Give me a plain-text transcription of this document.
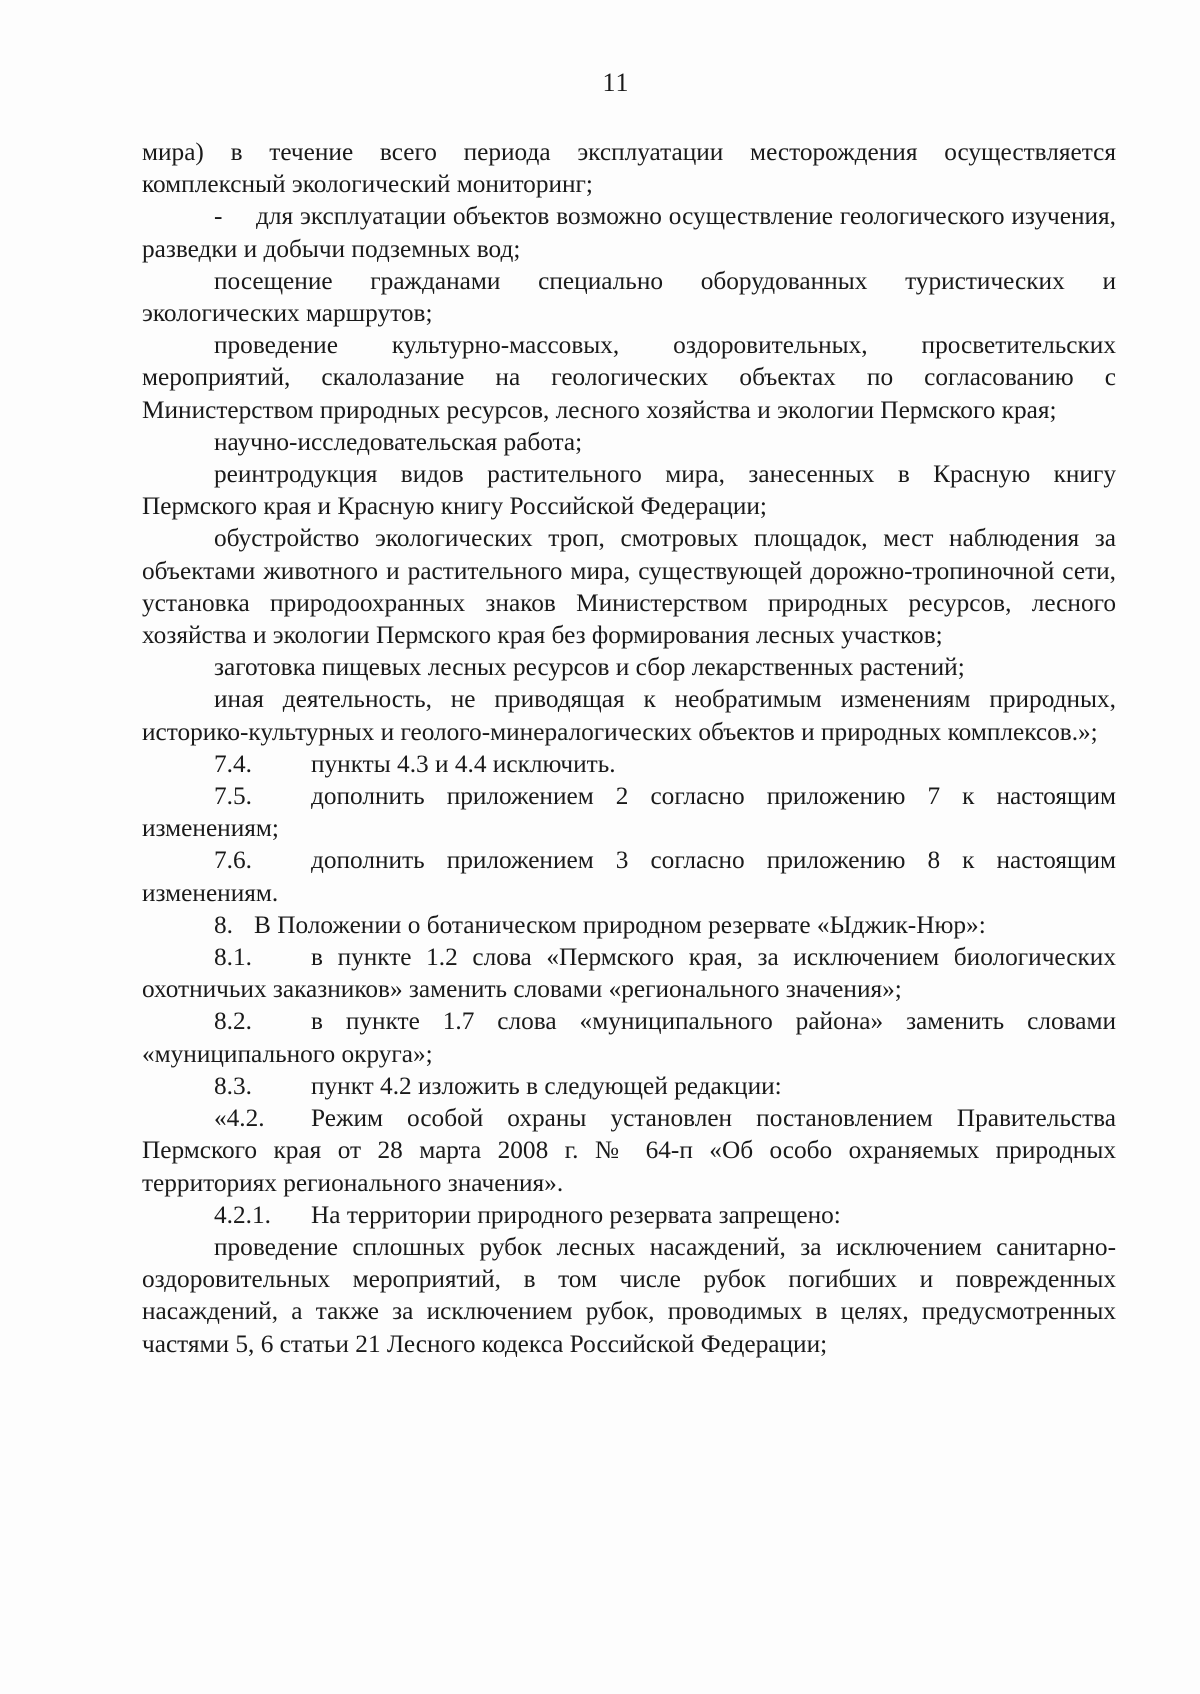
11

мира) в течение всего периода эксплуатации месторождения осуществляется комплексный экологический мониторинг;

- для эксплуатации объектов возможно осуществление геологического изучения, разведки и добычи подземных вод;

посещение гражданами специально оборудованных туристических и экологических маршрутов;

проведение культурно-массовых, оздоровительных, просветительских мероприятий, скалолазание на геологических объектах по согласованию с Министерством природных ресурсов, лесного хозяйства и экологии Пермского края;

научно-исследовательская работа;

реинтродукция видов растительного мира, занесенных в Красную книгу Пермского края и Красную книгу Российской Федерации;

обустройство экологических троп, смотровых площадок, мест наблюдения за объектами животного и растительного мира, существующей дорожно-тропиночной сети, установка природоохранных знаков Министерством природных ресурсов, лесного хозяйства и экологии Пермского края без формирования лесных участков;

заготовка пищевых лесных ресурсов и сбор лекарственных растений;

иная деятельность, не приводящая к необратимым изменениям природных, историко-культурных и геолого-минералогических объектов и природных комплексов.»;

7.4. пункты 4.3 и 4.4 исключить.

7.5. дополнить приложением 2 согласно приложению 7 к настоящим изменениям;

7.6. дополнить приложением 3 согласно приложению 8 к настоящим изменениям.

8. В Положении о ботаническом природном резервате «Ыджик-Нюр»:

8.1. в пункте 1.2 слова «Пермского края, за исключением биологических охотничьих заказников» заменить словами «регионального значения»;

8.2. в пункте 1.7 слова «муниципального района» заменить словами «муниципального округа»;

8.3. пункт 4.2 изложить в следующей редакции:

«4.2. Режим особой охраны установлен постановлением Правительства Пермского края от 28 марта 2008 г. № 64-п «Об особо охраняемых природных территориях регионального значения».

4.2.1. На территории природного резервата запрещено:

проведение сплошных рубок лесных насаждений, за исключением санитарно-оздоровительных мероприятий, в том числе рубок погибших и поврежденных насаждений, а также за исключением рубок, проводимых в целях, предусмотренных частями 5, 6 статьи 21 Лесного кодекса Российской Федерации;
